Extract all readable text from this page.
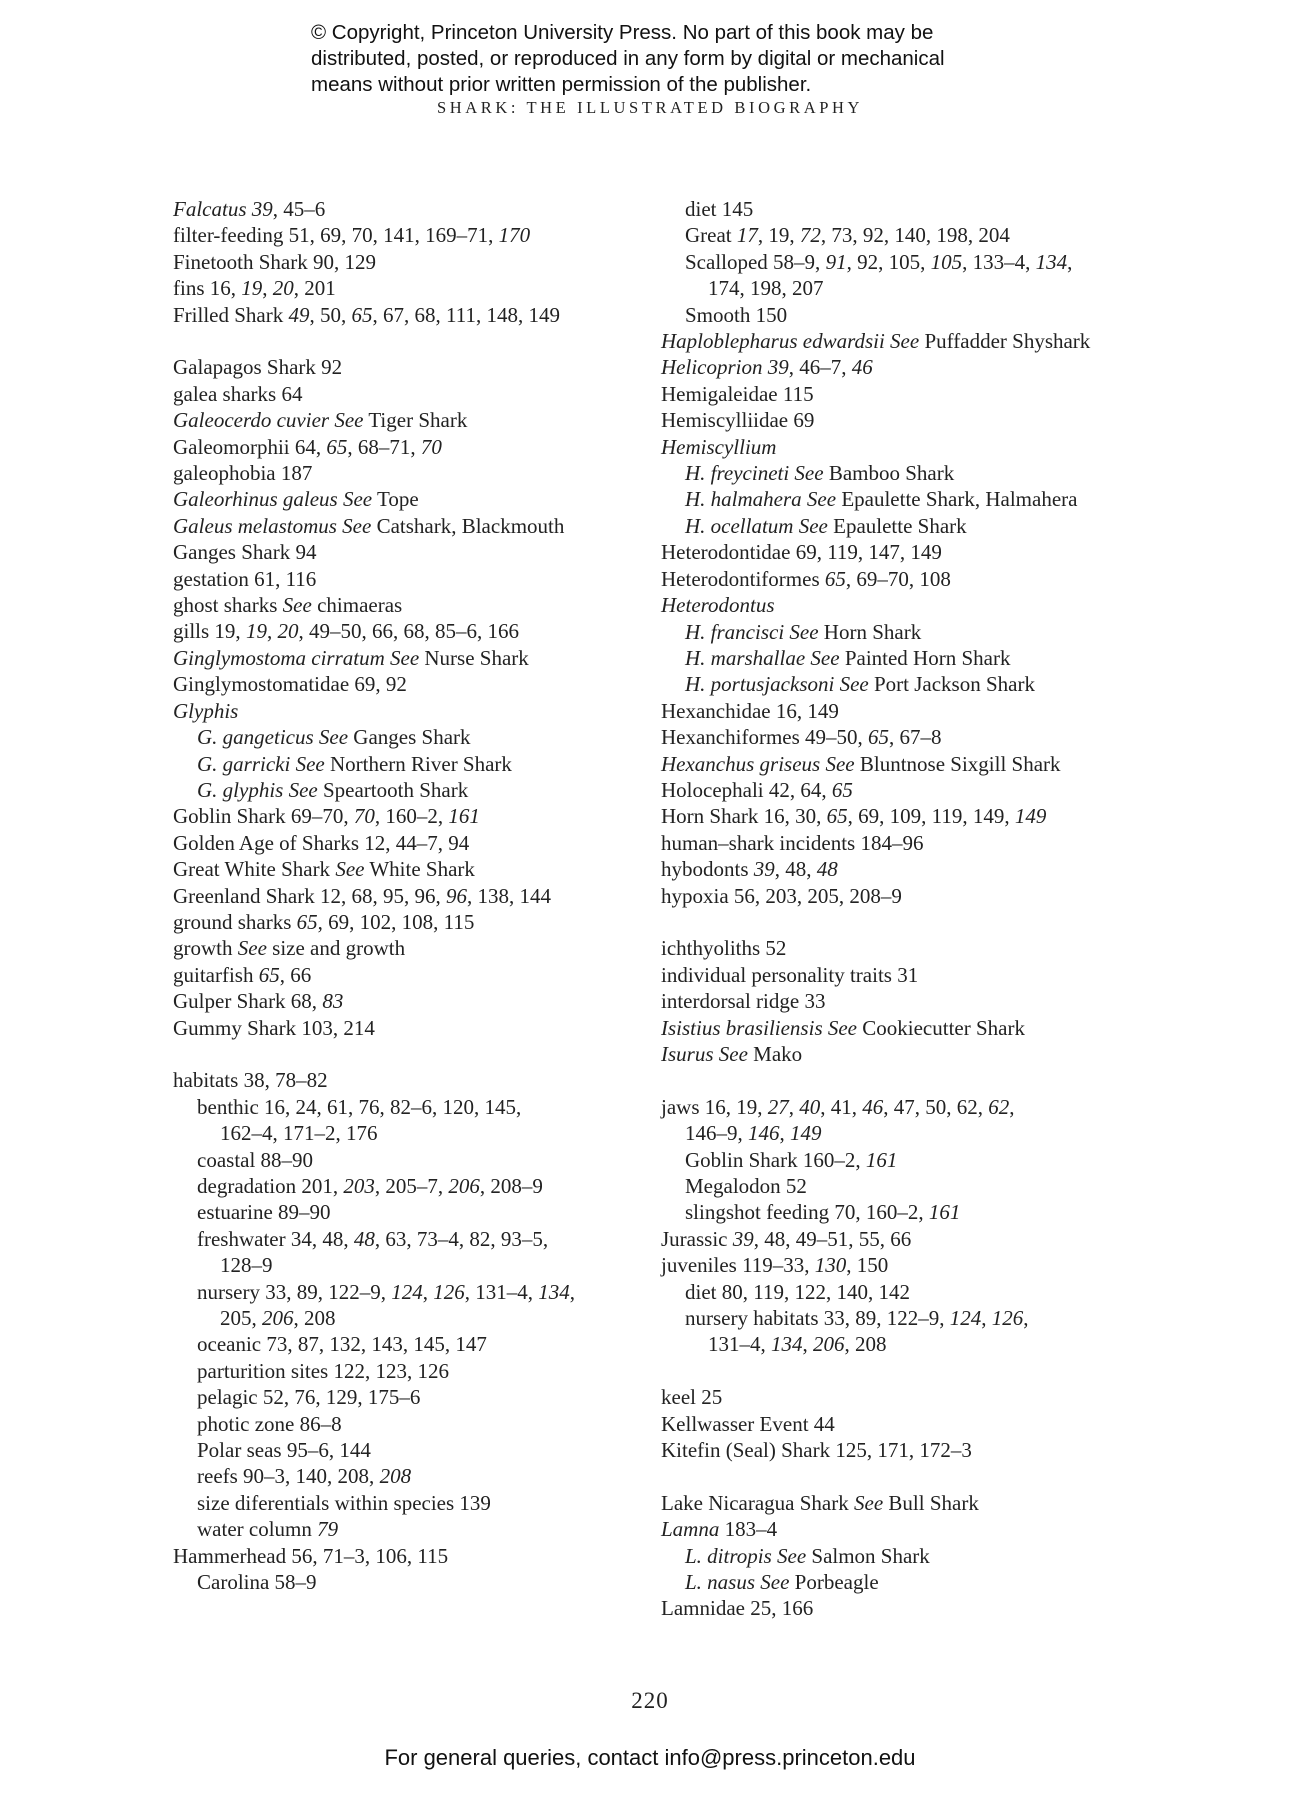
© Copyright, Princeton University Press. No part of this book may be
distributed, posted, or reproduced in any form by digital or mechanical
means without prior written permission of the publisher.
SHARK: THE ILLUSTRATED BIOGRAPHY
Falcatus 39, 45–6
filter-feeding 51, 69, 70, 141, 169–71, 170
Finetooth Shark 90, 129
fins 16, 19, 20, 201
Frilled Shark 49, 50, 65, 67, 68, 111, 148, 149
Galapagos Shark 92
galea sharks 64
Galeocerdo cuvier See Tiger Shark
Galeomorphii 64, 65, 68–71, 70
galeophobia 187
Galeorhinus galeus See Tope
Galeus melastomus See Catshark, Blackmouth
Ganges Shark 94
gestation 61, 116
ghost sharks See chimaeras
gills 19, 19, 20, 49–50, 66, 68, 85–6, 166
Ginglymostoma cirratum See Nurse Shark
Ginglymostomatidae 69, 92
Glyphis
G. gangeticus See Ganges Shark
G. garricki See Northern River Shark
G. glyphis See Speartooth Shark
Goblin Shark 69–70, 70, 160–2, 161
Golden Age of Sharks 12, 44–7, 94
Great White Shark See White Shark
Greenland Shark 12, 68, 95, 96, 96, 138, 144
ground sharks 65, 69, 102, 108, 115
growth See size and growth
guitarfish 65, 66
Gulper Shark 68, 83
Gummy Shark 103, 214
habitats 38, 78–82
benthic 16, 24, 61, 76, 82–6, 120, 145,
162–4, 171–2, 176
coastal 88–90
degradation 201, 203, 205–7, 206, 208–9
estuarine 89–90
freshwater 34, 48, 48, 63, 73–4, 82, 93–5,
128–9
nursery 33, 89, 122–9, 124, 126, 131–4, 134,
205, 206, 208
oceanic 73, 87, 132, 143, 145, 147
parturition sites 122, 123, 126
pelagic 52, 76, 129, 175–6
photic zone 86–8
Polar seas 95–6, 144
reefs 90–3, 140, 208, 208
size diferentials within species 139
water column 79
Hammerhead 56, 71–3, 106, 115
Carolina 58–9
diet 145
Great 17, 19, 72, 73, 92, 140, 198, 204
Scalloped 58–9, 91, 92, 105, 105, 133–4, 134,
174, 198, 207
Smooth 150
Haploblepharus edwardsii See Puffadder Shyshark
Helicoprion 39, 46–7, 46
Hemigaleidae 115
Hemiscylliidae 69
Hemiscyllium
H. freycineti See Bamboo Shark
H. halmahera See Epaulette Shark, Halmahera
H. ocellatum See Epaulette Shark
Heterodontidae 69, 119, 147, 149
Heterodontiformes 65, 69–70, 108
Heterodontus
H. francisci See Horn Shark
H. marshallae See Painted Horn Shark
H. portusjacksoni See Port Jackson Shark
Hexanchidae 16, 149
Hexanchiformes 49–50, 65, 67–8
Hexanchus griseus See Bluntnose Sixgill Shark
Holocephali 42, 64, 65
Horn Shark 16, 30, 65, 69, 109, 119, 149, 149
human–shark incidents 184–96
hybodonts 39, 48, 48
hypoxia 56, 203, 205, 208–9
ichthyoliths 52
individual personality traits 31
interdorsal ridge 33
Isistius brasiliensis See Cookiecutter Shark
Isurus See Mako
jaws 16, 19, 27, 40, 41, 46, 47, 50, 62, 62,
146–9, 146, 149
Goblin Shark 160–2, 161
Megalodon 52
slingshot feeding 70, 160–2, 161
Jurassic 39, 48, 49–51, 55, 66
juveniles 119–33, 130, 150
diet 80, 119, 122, 140, 142
nursery habitats 33, 89, 122–9, 124, 126,
131–4, 134, 206, 208
keel 25
Kellwasser Event 44
Kitefin (Seal) Shark 125, 171, 172–3
Lake Nicaragua Shark See Bull Shark
Lamna 183–4
L. ditropis See Salmon Shark
L. nasus See Porbeagle
Lamnidae 25, 166
220
For general queries, contact info@press.princeton.edu
